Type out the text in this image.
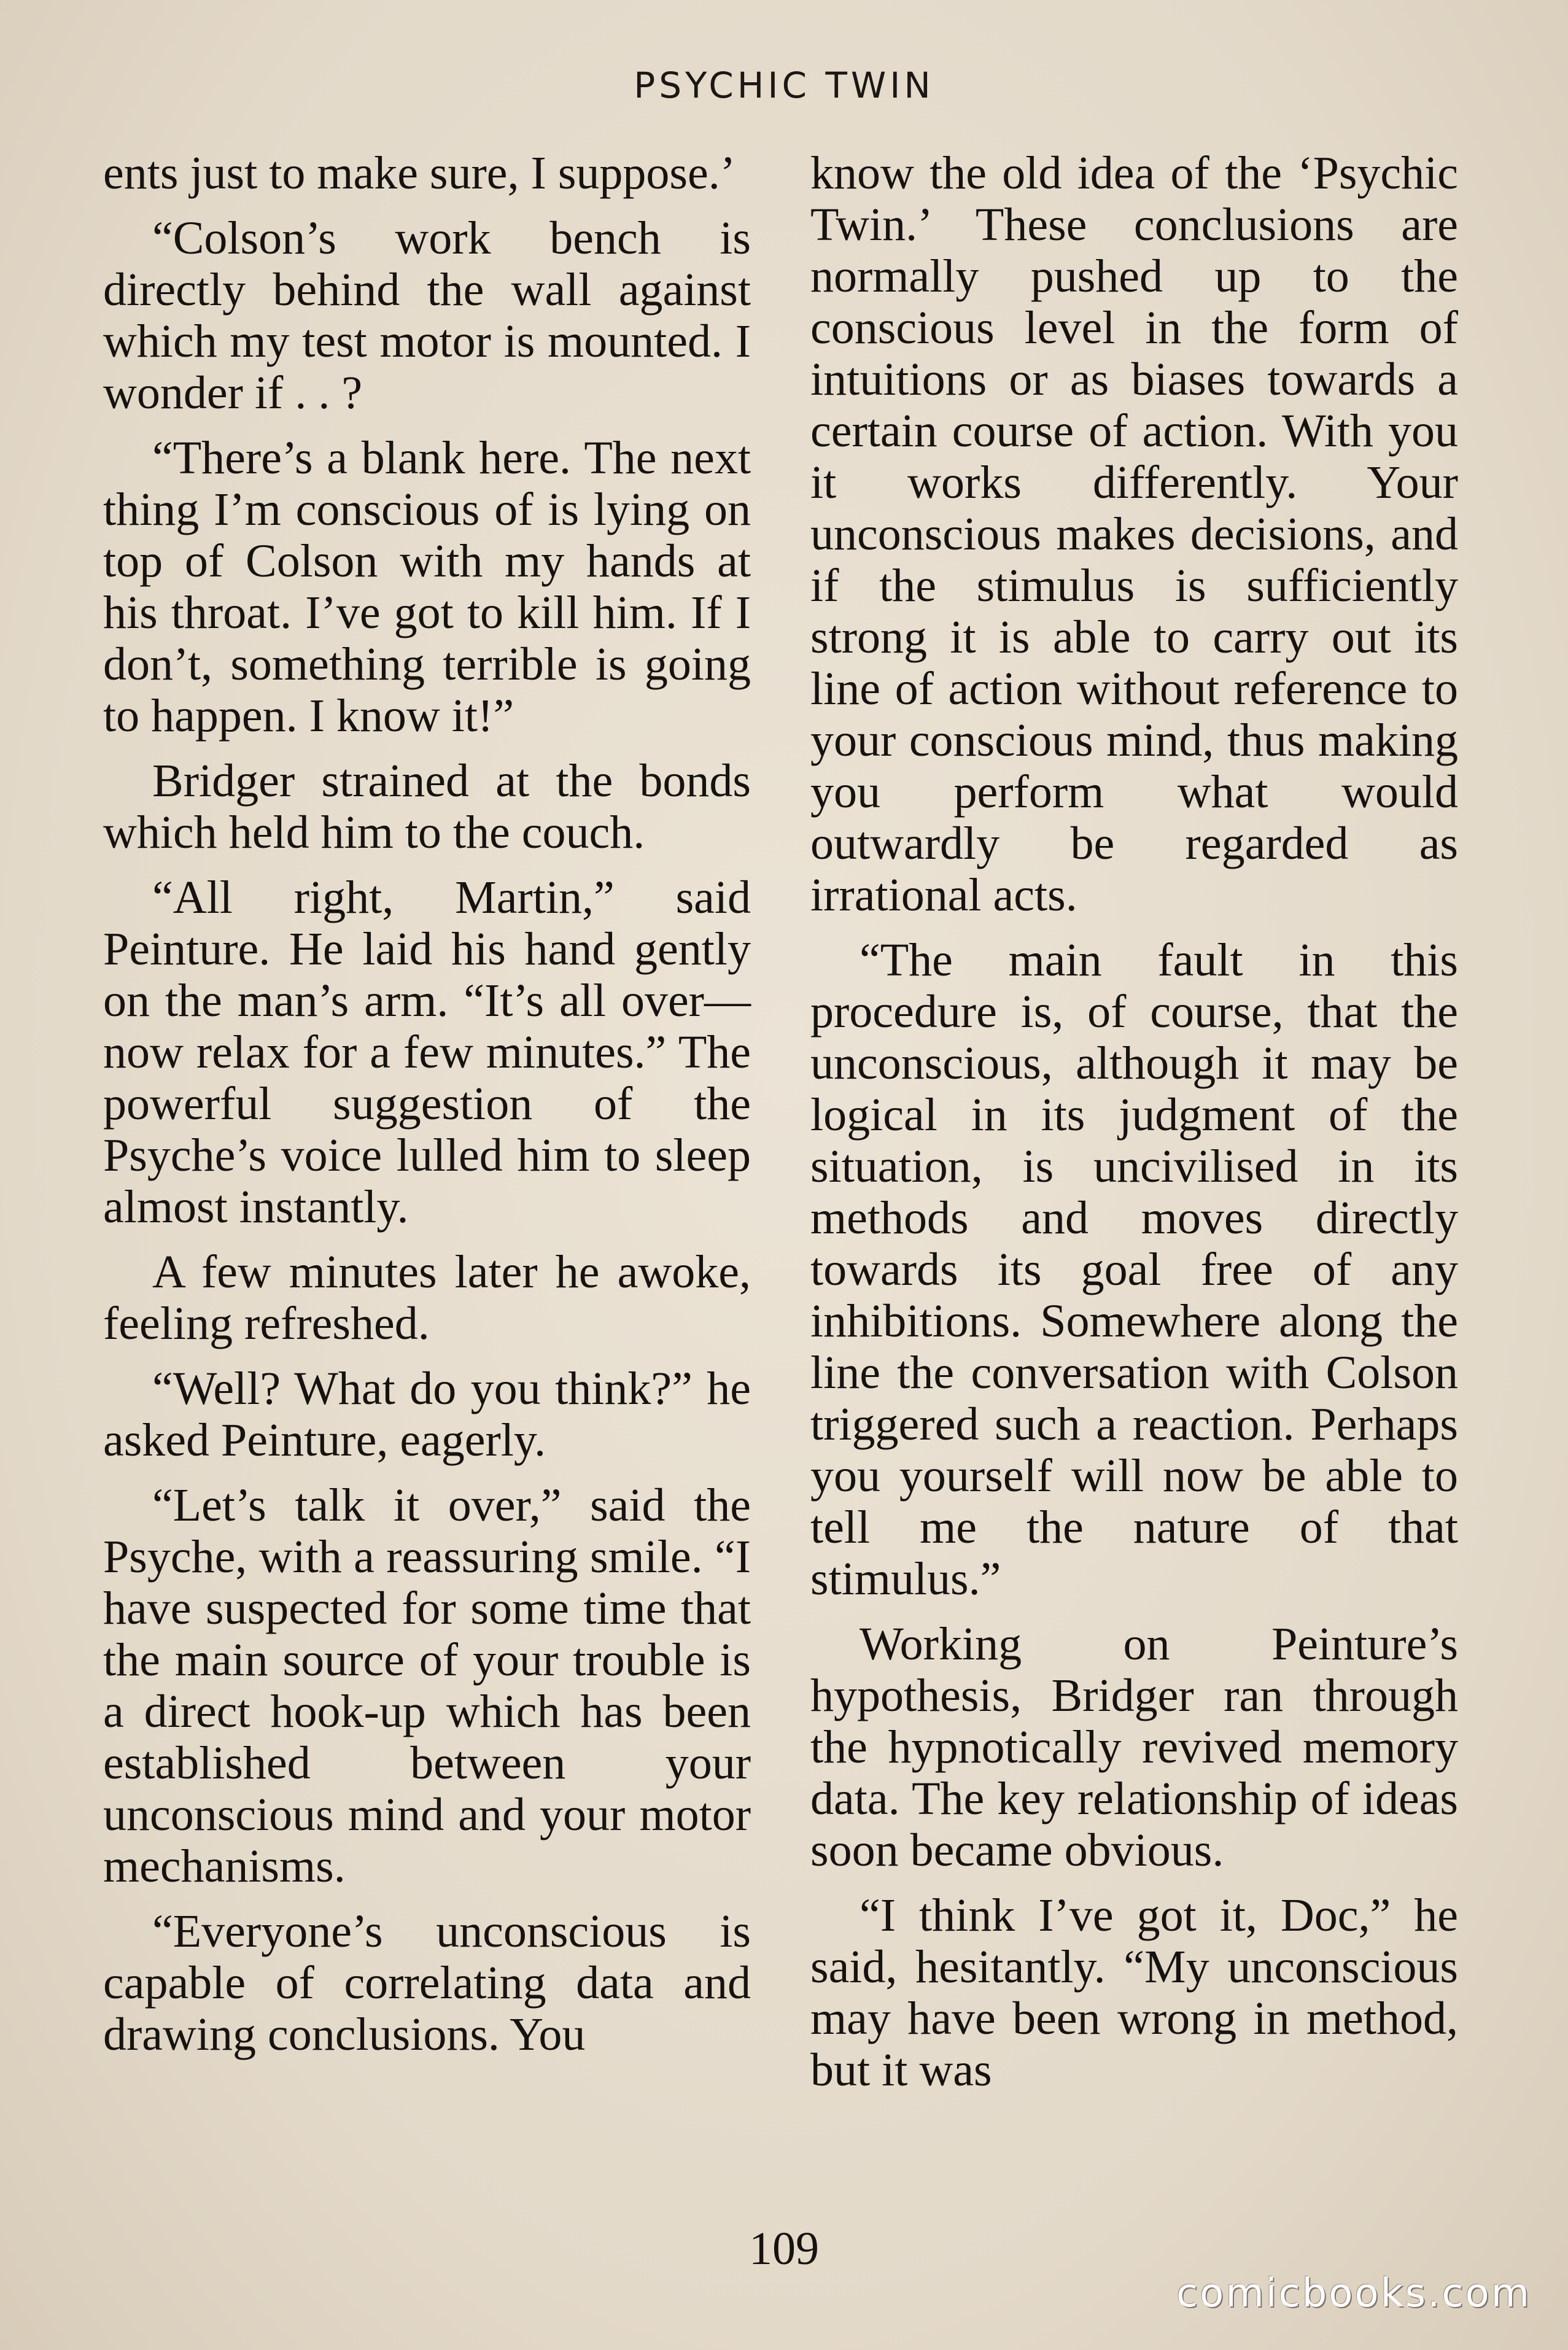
PSYCHIC TWIN

ents just to make sure, I suppose.’

“Colson’s work bench is directly behind the wall against which my test motor is mounted. I wonder if . . ?

“There’s a blank here. The next thing I’m conscious of is lying on top of Colson with my hands at his throat. I’ve got to kill him. If I don’t, something terrible is going to happen. I know it!”

Bridger strained at the bonds which held him to the couch.

“All right, Martin,” said Peinture. He laid his hand gently on the man’s arm. “It’s all over—now relax for a few minutes.” The powerful suggestion of the Psyche’s voice lulled him to sleep almost instantly.

A few minutes later he awoke, feeling refreshed.

“Well? What do you think?” he asked Peinture, eagerly.

“Let’s talk it over,” said the Psyche, with a reassuring smile. “I have suspected for some time that the main source of your trouble is a direct hook-up which has been established between your unconscious mind and your motor mechanisms.

“Everyone’s unconscious is capable of correlating data and drawing conclusions. You

know the old idea of the ‘Psychic Twin.’ These conclusions are normally pushed up to the conscious level in the form of intuitions or as biases towards a certain course of action. With you it works differently. Your unconscious makes decisions, and if the stimulus is sufficiently strong it is able to carry out its line of action without reference to your conscious mind, thus making you perform what would outwardly be regarded as irrational acts.

“The main fault in this procedure is, of course, that the unconscious, although it may be logical in its judgment of the situation, is uncivilised in its methods and moves directly towards its goal free of any inhibitions. Somewhere along the line the conversation with Colson triggered such a reaction. Perhaps you yourself will now be able to tell me the nature of that stimulus.”

Working on Peinture’s hypothesis, Bridger ran through the hypnotically revived memory data. The key relationship of ideas soon became obvious.

“I think I’ve got it, Doc,” he said, hesitantly. “My unconscious may have been wrong in method, but it was

109
comicbooks.com
